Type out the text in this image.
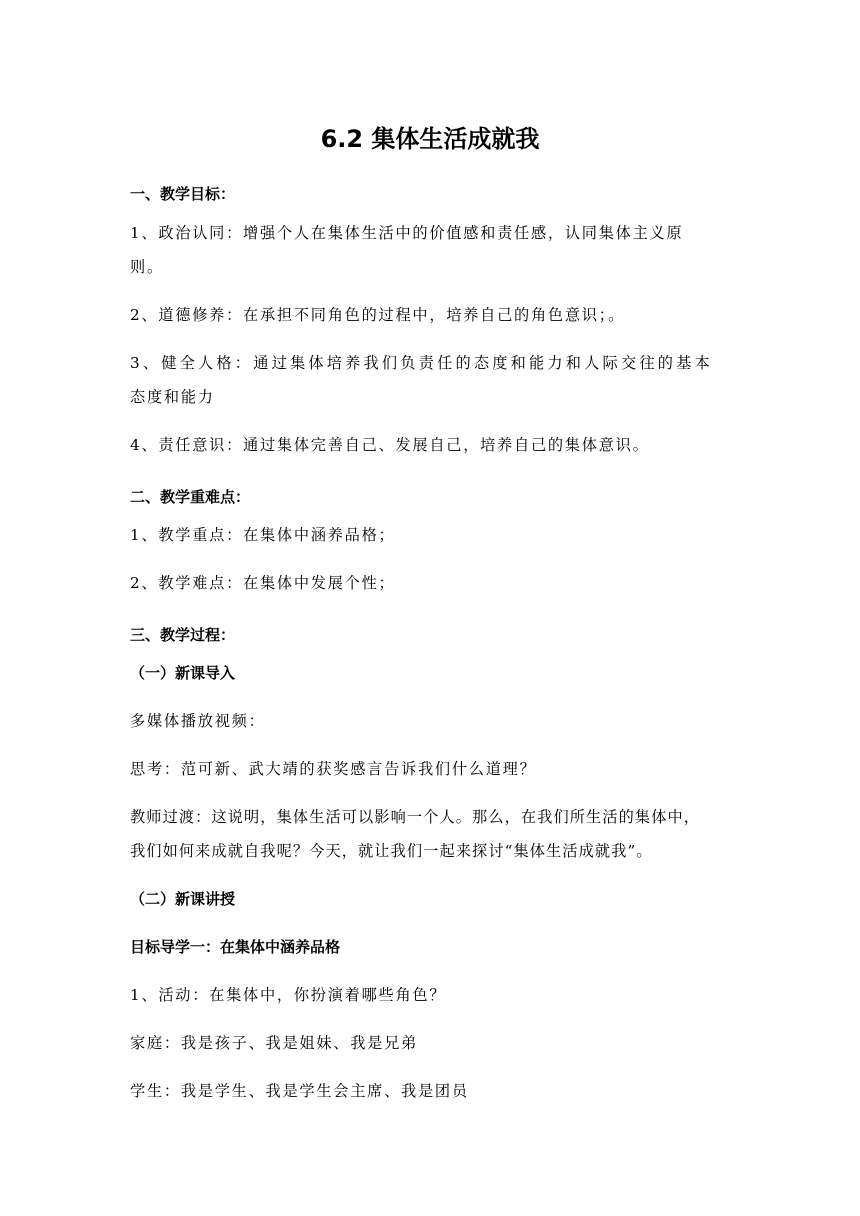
6.2 集体生活成就我
一、教学目标：
1、政治认同：增强个人在集体生活中的价值感和责任感，认同集体主义原
则。
2、道德修养：在承担不同角色的过程中，培养自己的角色意识；。
3、健全人格：通过集体培养我们负责任的态度和能力和人际交往的基本
态度和能力
4、责任意识：通过集体完善自己、发展自己，培养自己的集体意识。
二、教学重难点：
1、教学重点：在集体中涵养品格；
2、教学难点：在集体中发展个性；
三、教学过程：
（一）新课导入
多媒体播放视频：
思考：范可新、武大靖的获奖感言告诉我们什么道理？
教师过渡：这说明，集体生活可以影响一个人。那么，在我们所生活的集体中，
我们如何来成就自我呢？今天，就让我们一起来探讨“集体生活成就我”。
（二）新课讲授
目标导学一：在集体中涵养品格
1、活动：在集体中，你扮演着哪些角色？
家庭：我是孩子、我是姐妹、我是兄弟
学生：我是学生、我是学生会主席、我是团员
